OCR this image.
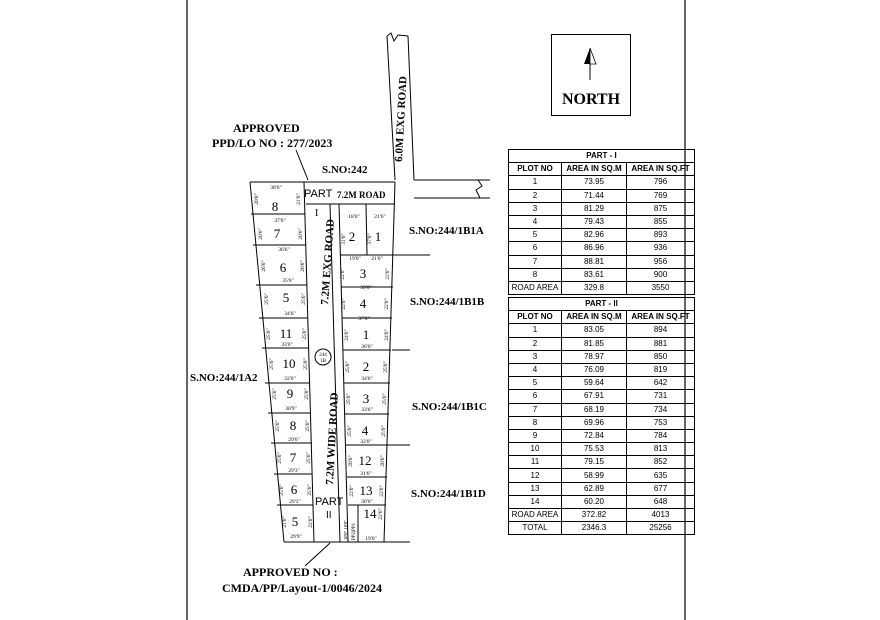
6.0M EXG ROAD
7.2M EXG ROAD
7.2M WIDE ROAD
I
244
1B
PP2|PP1
10'0" 10'0"
8
38'6"
20'0"	21'0"
7
37'0"
36'6"
20'0"	20'0"
6
35'6"
26'0"	26'0"
5
34'6"
25'6"	25'6"
2
18'0"
19'0"
31'6" 1
21'6"
21'6"
37'0"
3
39'0"
22'0"	22'0"
4
37'0"
22'6"	22'6"
11
33'0"
25'6"	25'0"
10
32'0"
25'0"	25'0"
9
30'9"
25'0"	25'0"
8
29'6"
25'0"	25'0"
7
29'3"
25'0"	25'0"
6
29'3"
25'0"	25'0"
5
29'9"
21'0"	22'0"
1
36'0"
24'6"	24'6"
2
34'6"
25'0"	25'0"
3
33'6"
25'0"	25'0"
4
32'0"
25'0"	25'0"
12
31'6"
20'0"	20'0"
13
30'0"
22'0"	22'0"
14
19'0"
22'6"
NORTH
APPROVED
PPD/LO NO : 277/2023
APPROVED NO :
CMDA/PP/Layout-1/0046/2024
S.NO:242
S.NO:244/1A2
S.NO:244/1B1A
S.NO:244/1B1B
S.NO:244/1B1C
S.NO:244/1B1D
PART 7.2M ROAD
PART
II
PART - I		
PLOT NO	AREA IN SQ.M	AREA IN SQ.FT
1	73.95	796
2	71.44	769
3	81.29	875
4	79.43	855
5	82.96	893
6	86.96	936
7	88.81	956
8	83.61	900
ROAD AREA	329.8	3550
PART - II		
PLOT NO	AREA IN SQ.M	AREA IN SQ.FT
1	83.05	894
2	81.85	881
3	78.97	850
4	76.09	819
5	59.64	642
6	67.91	731
7	68.19	734
8	69.96	753
9	72.84	784
10	75.53	813
11	79.15	852
12	58.99	635
13	62.89	677
14	60.20	648
ROAD AREA	372.82	4013
TOTAL	2346.3	25256
